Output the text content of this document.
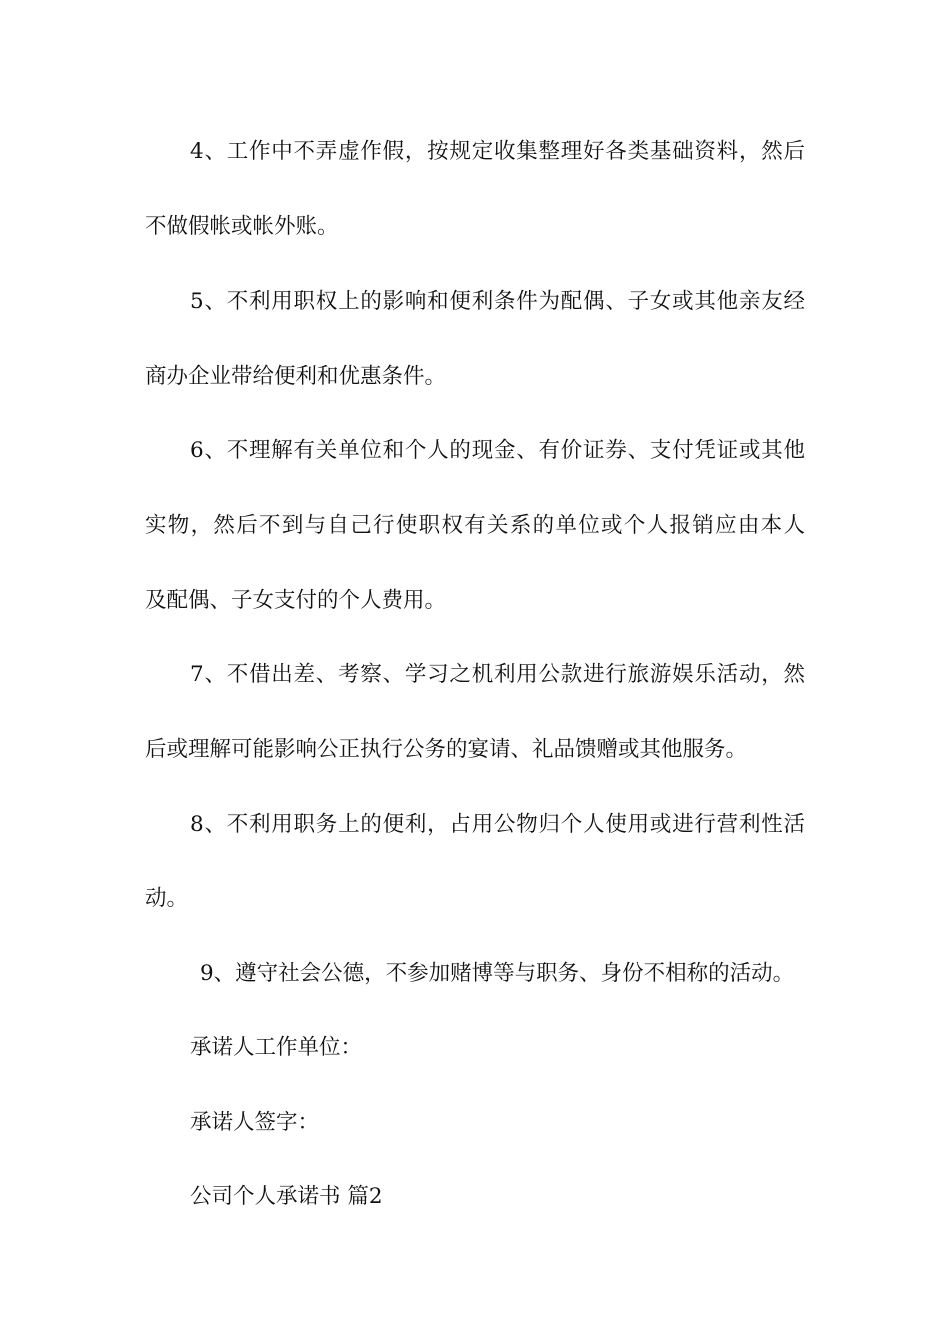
4、工作中不弄虚作假，按规定收集整理好各类基础资料，然后
不做假帐或帐外账。
5、不利用职权上的影响和便利条件为配偶、子女或其他亲友经
商办企业带给便利和优惠条件。
6、不理解有关单位和个人的现金、有价证券、支付凭证或其他
实物，然后不到与自己行使职权有关系的单位或个人报销应由本人
及配偶、子女支付的个人费用。
7、不借出差、考察、学习之机利用公款进行旅游娱乐活动，然
后或理解可能影响公正执行公务的宴请、礼品馈赠或其他服务。
8、不利用职务上的便利，占用公物归个人使用或进行营利性活
动。
9、遵守社会公德，不参加赌博等与职务、身份不相称的活动。
承诺人工作单位：
承诺人签字：
公司个人承诺书 篇2
